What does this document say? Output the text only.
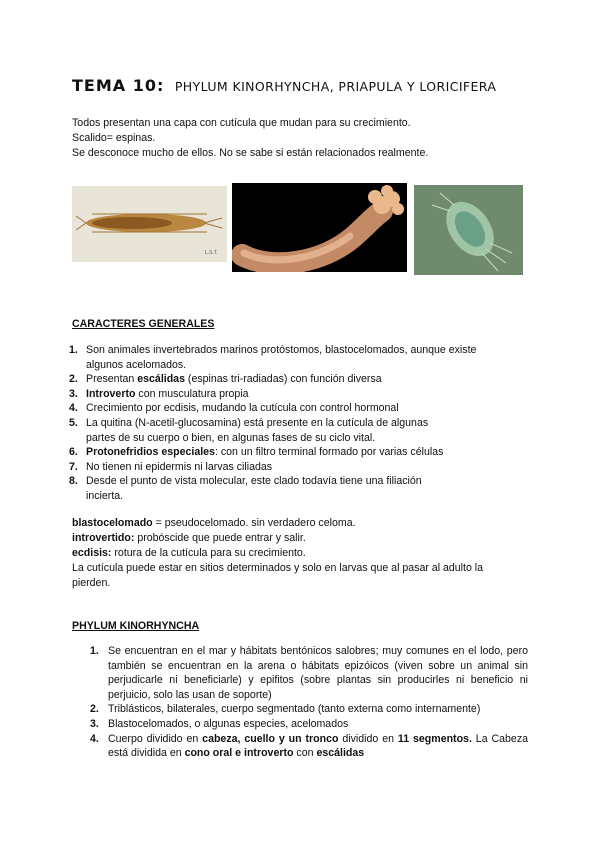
TEMA 10: PHYLUM KINORHYNCHA, PRIAPULA Y LORICIFERA
Todos presentan una capa con cutícula que mudan para su crecimiento.
Scalido= espinas.
Se desconoce mucho de ellos. No se sabe si están relacionados realmente.
L.S.T.
CARACTERES GENERALES
1. Son animales invertebrados marinos protóstomos, blastocelomados, aunque existe
algunos acelomados.
2. Presentan escálidas (espinas tri-radiadas) con función diversa
3. Introverto con musculatura propia
4. Crecimiento por ecdisis, mudando la cutícula con control hormonal
5. La quitina (N-acetil-glucosamina) está presente en la cutícula de algunas
partes de su cuerpo o bien, en algunas fases de su ciclo vital.
6. Protonefridios especiales: con un filtro terminal formado por varias células
7. No tienen ni epidermis ni larvas ciliadas
8. Desde el punto de vista molecular, este clado todavía tiene una filiación
incierta.
blastocelomado = pseudocelomado. sin verdadero celoma.
introvertido: probóscide que puede entrar y salir.
ecdisis: rotura de la cutícula para su crecimiento.
La cutícula puede estar en sitios determinados y solo en larvas que al pasar al adulto la
pierden.
PHYLUM KINORHYNCHA
1. Se encuentran en el mar y hábitats bentónicos salobres; muy comunes en el lodo, pero también se encuentran en la arena o hábitats epizóicos (viven sobre un animal sin perjudicarle ni beneficiarle) y epifitos (sobre plantas sin producirles ni beneficio ni perjuicio, solo las usan de soporte)
2. Triblásticos, bilaterales, cuerpo segmentado (tanto externa como internamente)
3. Blastocelomados, o algunas especies, acelomados
4. Cuerpo dividido en cabeza, cuello y un tronco dividido en 11 segmentos. La Cabeza está dividida en cono oral e introverto con escálidas
